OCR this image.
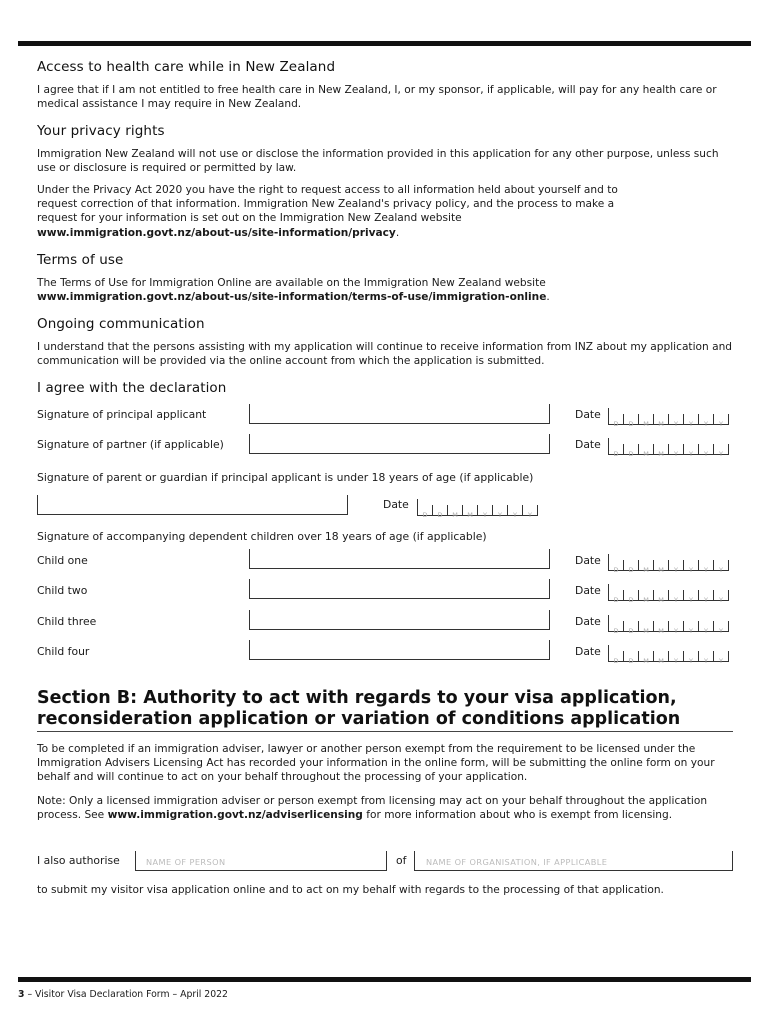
Access to health care while in New Zealand
I agree that if I am not entitled to free health care in New Zealand, I, or my sponsor, if applicable, will pay for any health care or medical assistance I may require in New Zealand.
Your privacy rights
Immigration New Zealand will not use or disclose the information provided in this application for any other purpose, unless such use or disclosure is required or permitted by law.
Under the Privacy Act 2020 you have the right to request access to all information held about yourself and to request correction of that information. Immigration New Zealand's privacy policy, and the process to make a request for your information is set out on the Immigration New Zealand website www.immigration.govt.nz/about-us/site-information/privacy.
Terms of use
The Terms of Use for Immigration Online are available on the Immigration New Zealand website
www.immigration.govt.nz/about-us/site-information/terms-of-use/immigration-online.
Ongoing communication
I understand that the persons assisting with my application will continue to receive information from INZ about my application and communication will be provided via the online account from which the application is submitted.
I agree with the declaration
Signature of principal applicant	Date
D	D	M	M	Y	Y	Y	Y
Signature of partner (if applicable)	Date
D	D	M	M	Y	Y	Y	Y
Signature of parent or guardian if principal applicant is under 18 years of age (if applicable)
Date
D	D	M	M	Y	Y	Y	Y
Signature of accompanying dependent children over 18 years of age (if applicable)
Child one	Date
D	D	M	M	Y	Y	Y	Y
Child two	Date
D	D	M	M	Y	Y	Y	Y
Child three	Date
D	D	M	M	Y	Y	Y	Y
Child four	Date
D	D	M	M	Y	Y	Y	Y
Section B: Authority to act with regards to your visa application, reconsideration application or variation of conditions application
To be completed if an immigration adviser, lawyer or another person exempt from the requirement to be licensed under the Immigration Advisers Licensing Act has recorded your information in the online form, will be submitting the online form on your behalf and will continue to act on your behalf throughout the processing of your application.
Note: Only a licensed immigration adviser or person exempt from licensing may act on your behalf throughout the application process. See www.immigration.govt.nz/adviserlicensing for more information about who is exempt from licensing.
I also authorise	NAME OF PERSON	of NAME OF ORGANISATION, IF APPLICABLE
to submit my visitor visa application online and to act on my behalf with regards to the processing of that application.
3 – Visitor Visa Declaration Form – April 2022
